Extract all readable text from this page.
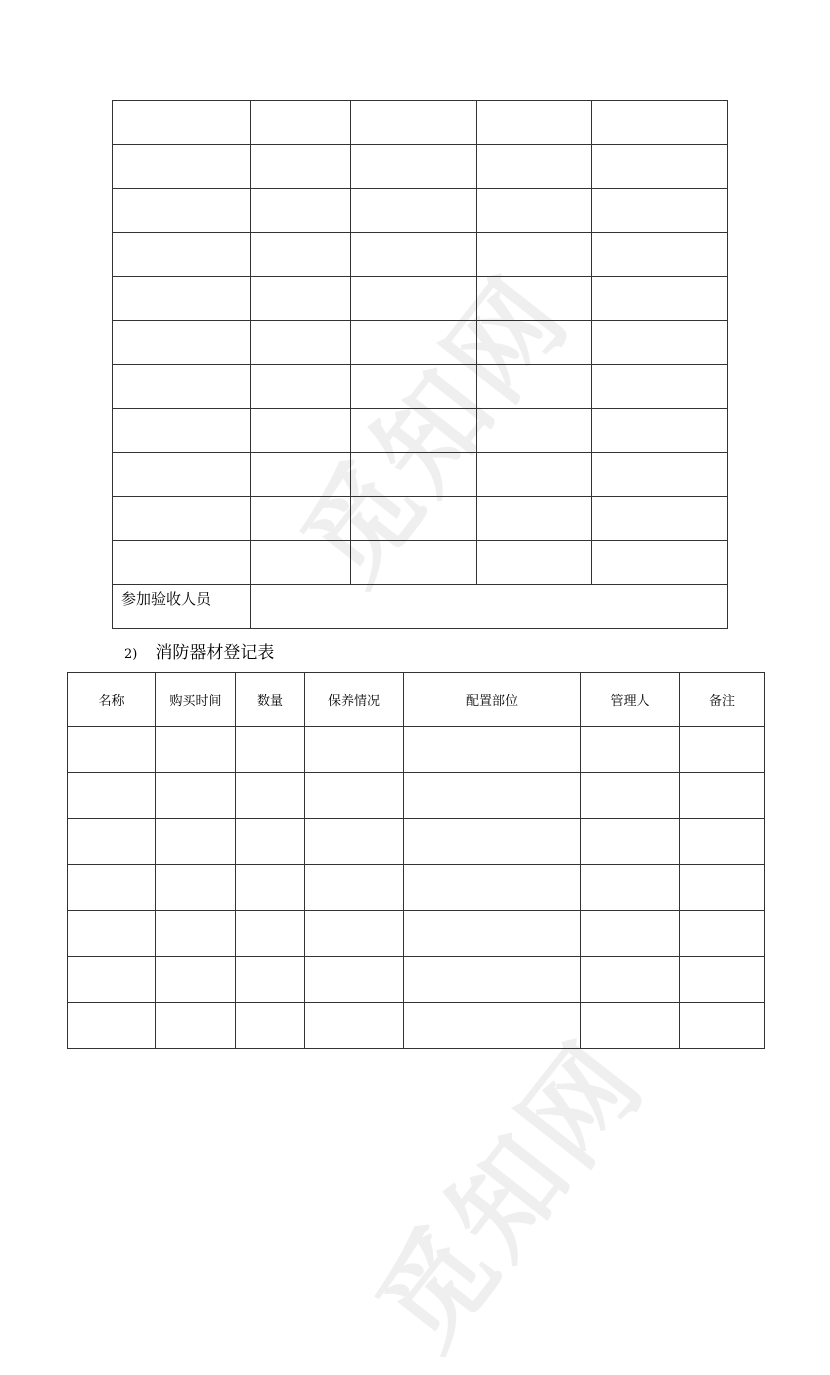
觅知网
觅知网

参加验收人员				
2) 消防器材登记表
名称	购买时间	数量	保养情况	配置部位	管理人	备注
